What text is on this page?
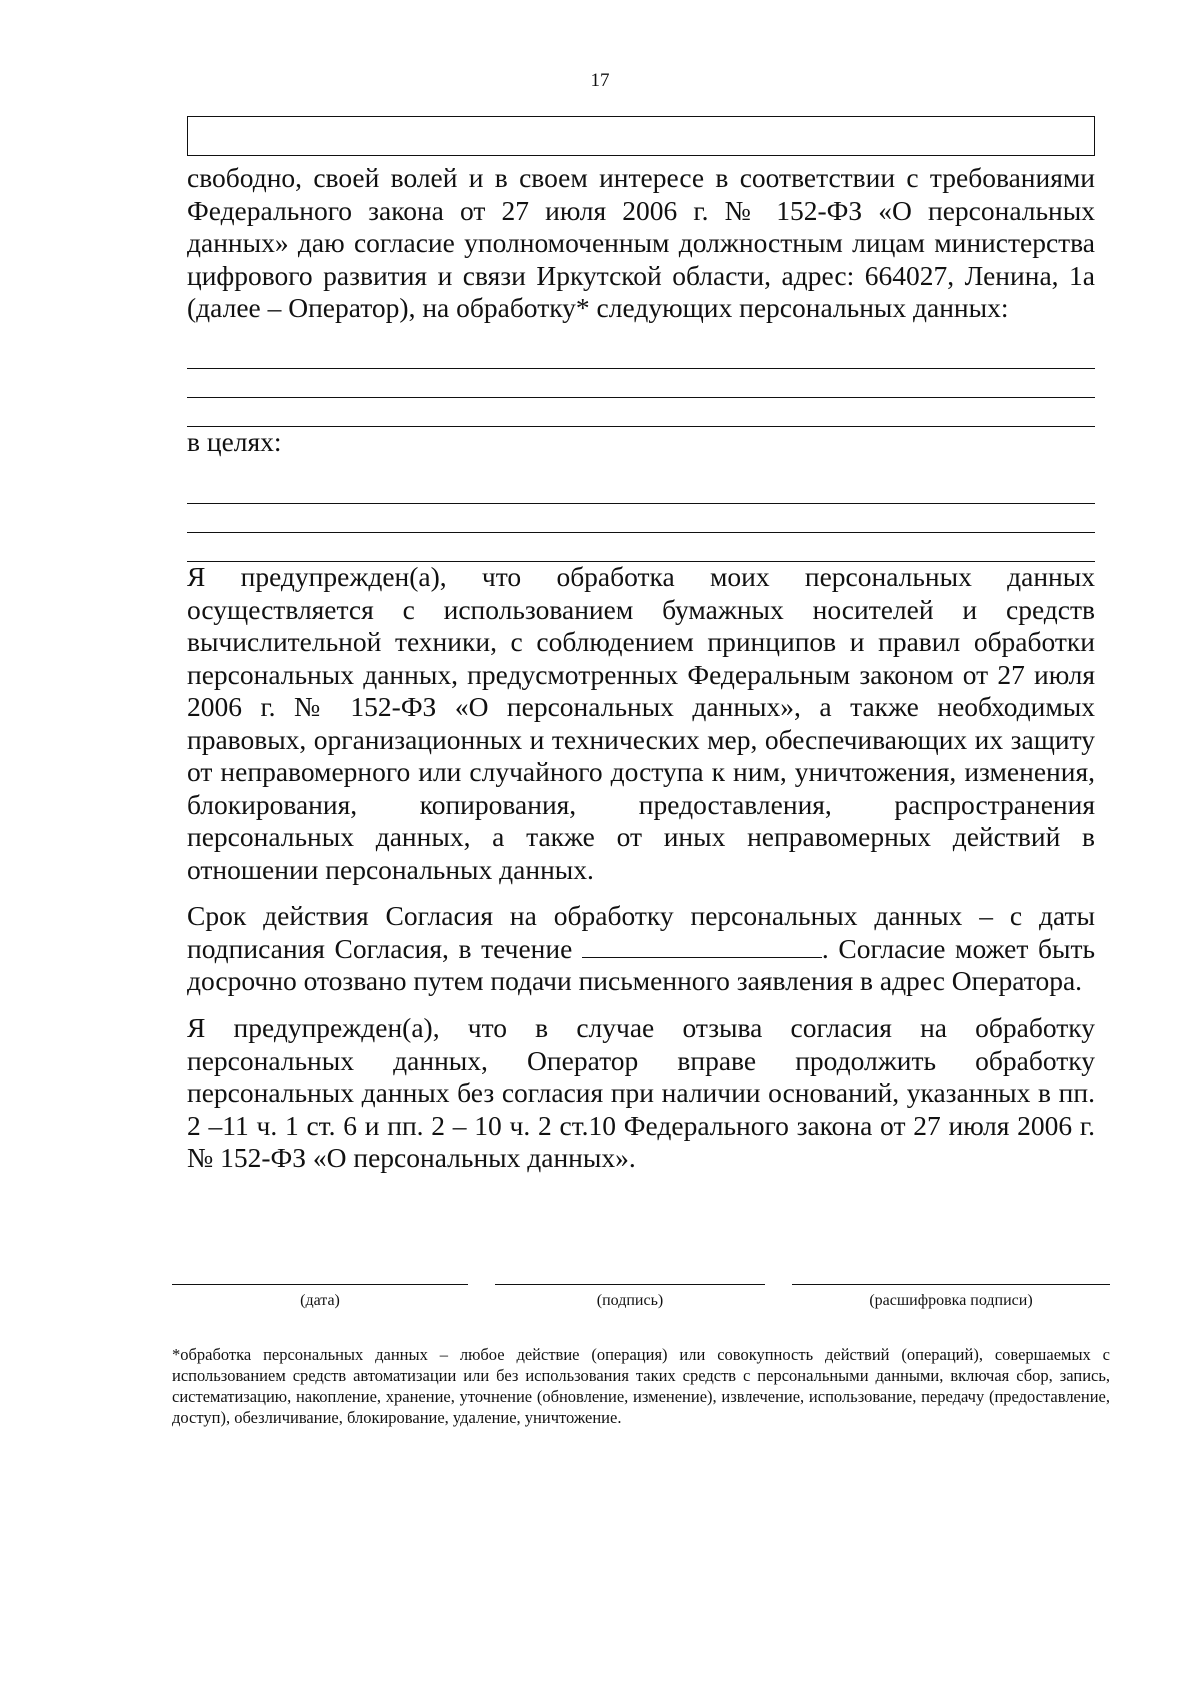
17

свободно, своей волей и в своем интересе в соответствии с требованиями Федерального закона от 27 июля 2006 г. № 152-ФЗ «О персональных данных» даю согласие уполномоченным должностным лицам министерства цифрового развития и связи Иркутской области, адрес: 664027, Ленина, 1а (далее – Оператор), на обработку* следующих персональных данных:

в целях:

Я предупрежден(а), что обработка моих персональных данных осуществляется с использованием бумажных носителей и средств вычислительной техники, с соблюдением принципов и правил обработки персональных данных, предусмотренных Федеральным законом от 27 июля 2006 г. № 152-ФЗ «О персональных данных», а также необходимых правовых, организационных и технических мер, обеспечивающих их защиту от неправомерного или случайного доступа к ним, уничтожения, изменения, блокирования, копирования, предоставления, распространения персональных данных, а также от иных неправомерных действий в отношении персональных данных.

Срок действия Согласия на обработку персональных данных – с даты подписания Согласия, в течение	. Согласие может быть досрочно отозвано путем подачи письменного заявления в адрес Оператора.

Я предупрежден(а), что в случае отзыва согласия на обработку персональных данных, Оператор вправе продолжить обработку персональных данных без согласия при наличии оснований, указанных в пп. 2 –11 ч. 1 ст. 6 и пп. 2 – 10 ч. 2 ст.10 Федерального закона от 27 июля 2006 г. № 152-ФЗ «О персональных данных».

(дата)	(подпись)	(расшифровка подписи)
*обработка персональных данных – любое действие (операция) или совокупность действий (операций), совершаемых с использованием средств автоматизации или без использования таких средств с персональными данными, включая сбор, запись, систематизацию, накопление, хранение, уточнение (обновление, изменение), извлечение, использование, передачу (предоставление, доступ), обезличивание, блокирование, удаление, уничтожение.
